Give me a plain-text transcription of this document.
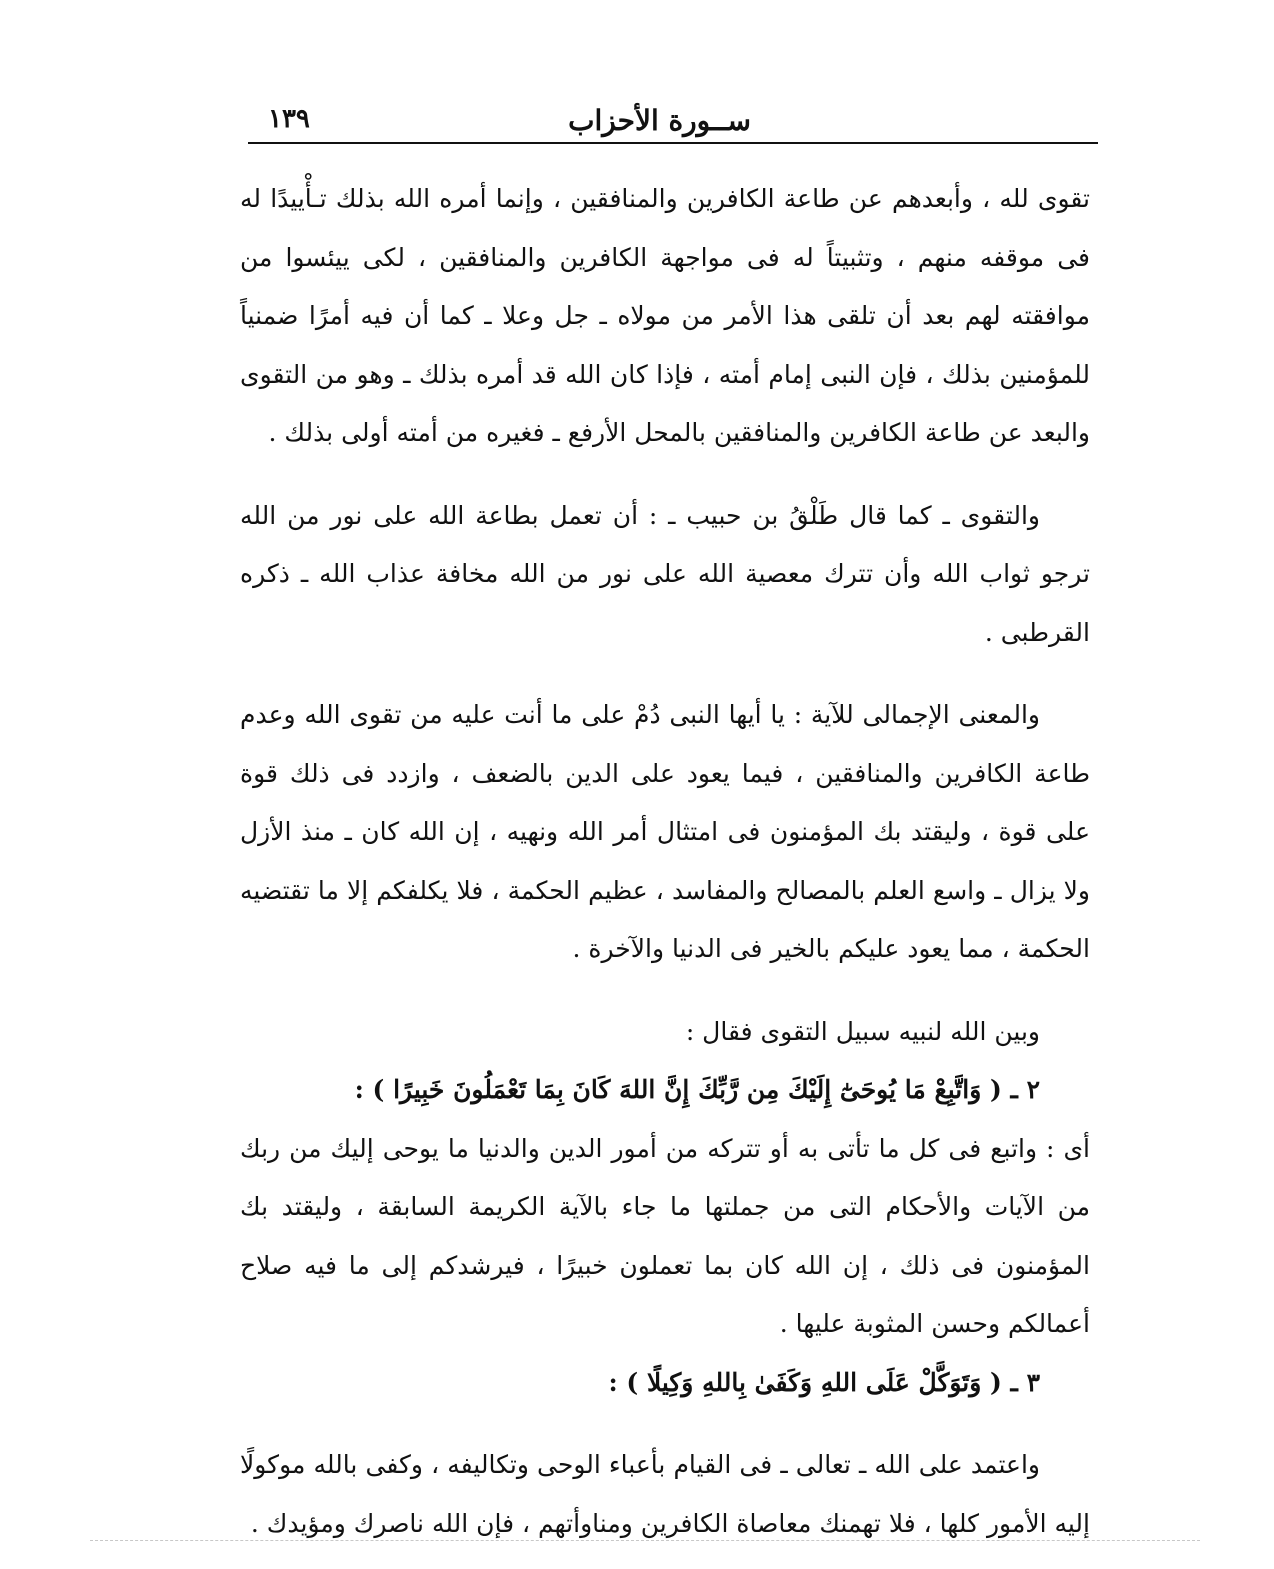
ســورة الأحزاب
١٣٩

تقوى لله ، وأبعدهم عن طاعة الكافرين والمنافقين ، وإنما أمره الله بذلك تـأْييدًا له فى موقفه منهم ، وتثبيتاً له فى مواجهة الكافرين والمنافقين ، لكى ييئسوا من موافقته لهم بعد أن تلقى هذا الأمر من مولاه ـ جل وعلا ـ كما أن فيه أمرًا ضمنياً للمؤمنين بذلك ، فإن النبى إمام أمته ، فإذا كان الله قد أمره بذلك ـ وهو من التقوى والبعد عن طاعة الكافرين والمنافقين بالمحل الأرفع ـ فغيره من أمته أولى بذلك .

والتقوى ـ كما قال طَلْقُ بن حبيب ـ : أن تعمل بطاعة الله على نور من الله ترجو ثواب الله وأن تترك معصية الله على نور من الله مخافة عذاب الله ـ ذكره القرطبى .

والمعنى الإجمالى للآية : يا أيها النبى دُمْ على ما أنت عليه من تقوى الله وعدم طاعة الكافرين والمنافقين ، فيما يعود على الدين بالضعف ، وازدد فى ذلك قوة على قوة ، وليقتد بك المؤمنون فى امتثال أمر الله ونهيه ، إن الله كان ـ منذ الأزل ولا يزال ـ واسع العلم بالمصالح والمفاسد ، عظيم الحكمة ، فلا يكلفكم إلا ما تقتضيه الحكمة ، مما يعود عليكم بالخير فى الدنيا والآخرة .

وبين الله لنبيه سبيل التقوى فقال :

٢ ـ ( وَاتَّبِعْ مَا يُوحَىٰٓ إِلَيْكَ مِن رَّبِّكَ إِنَّ اللهَ كَانَ بِمَا تَعْمَلُونَ خَبِيرًا ) :

أى : واتبع فى كل ما تأتى به أو تتركه من أمور الدين والدنيا ما يوحى إليك من ربك من الآيات والأحكام التى من جملتها ما جاء بالآية الكريمة السابقة ، وليقتد بك المؤمنون فى ذلك ، إن الله كان بما تعملون خبيرًا ، فيرشدكم إلى ما فيه صلاح أعمالكم وحسن المثوبة عليها .

٣ ـ ( وَتَوَكَّلْ عَلَى اللهِ وَكَفَىٰ بِاللهِ وَكِيلًا ) :

واعتمد على الله ـ تعالى ـ فى القيام بأعباء الوحى وتكاليفه ، وكفى بالله موكولًا إليه الأمور كلها ، فلا تهمنك معاصاة الكافرين ومناوأتهم ، فإن الله ناصرك ومؤيدك .
